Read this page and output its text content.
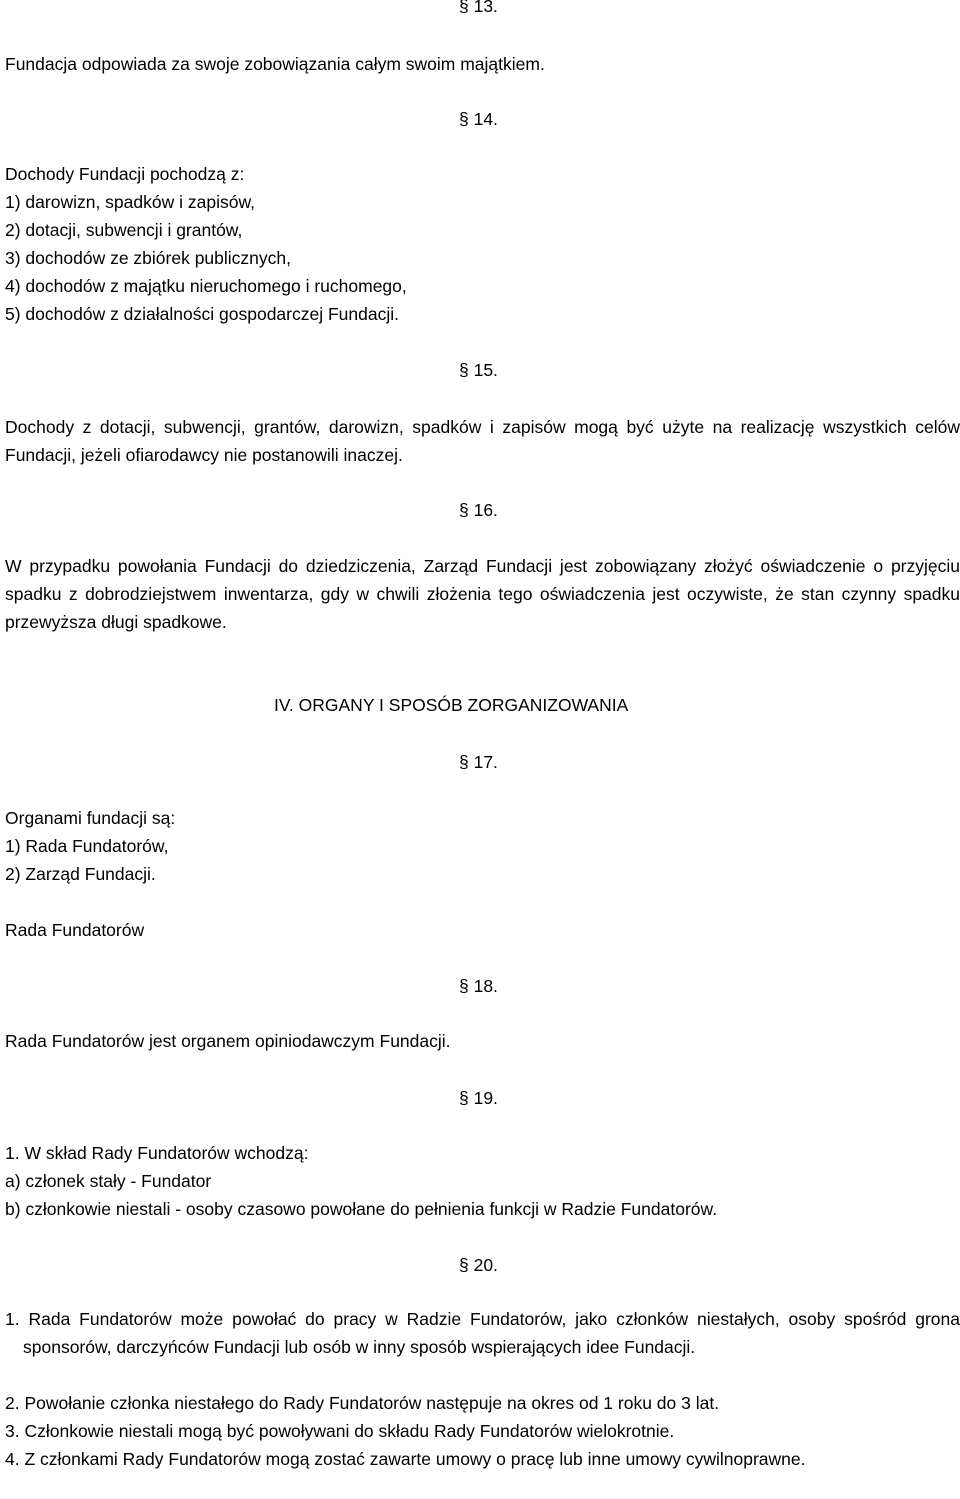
§ 13.
Fundacja odpowiada za swoje zobowiązania całym swoim majątkiem.
§ 14.
Dochody Fundacji pochodzą z:
1) darowizn, spadków i zapisów,
2) dotacji, subwencji i grantów,
3) dochodów ze zbiórek publicznych,
4) dochodów z majątku nieruchomego i ruchomego,
5) dochodów z działalności gospodarczej Fundacji.
§ 15.
Dochody z dotacji, subwencji, grantów, darowizn, spadków i zapisów mogą być użyte na realizację wszystkich celów Fundacji, jeżeli ofiarodawcy nie postanowili inaczej.
§ 16.
W przypadku powołania Fundacji do dziedziczenia, Zarząd Fundacji jest zobowiązany złożyć oświadczenie o przyjęciu spadku z dobrodziejstwem inwentarza, gdy w chwili złożenia tego oświadczenia jest oczywiste, że stan czynny spadku przewyższa długi spadkowe.
IV. ORGANY I SPOSÓB ZORGANIZOWANIA
§ 17.
Organami fundacji są:
1) Rada Fundatorów,
2) Zarząd Fundacji.
Rada Fundatorów
§ 18.
Rada Fundatorów jest organem opiniodawczym Fundacji.
§ 19.
1. W skład Rady Fundatorów wchodzą:
a) członek stały - Fundator
b) członkowie niestali - osoby czasowo powołane do pełnienia funkcji w Radzie Fundatorów.
§ 20.
1. Rada Fundatorów może powołać do pracy w Radzie Fundatorów, jako członków niestałych, osoby spośród grona sponsorów, darczyńców Fundacji lub osób w inny sposób wspierających idee Fundacji.
2. Powołanie członka niestałego do Rady Fundatorów następuje na okres od 1 roku do 3 lat.
3. Członkowie niestali mogą być powoływani do składu Rady Fundatorów wielokrotnie.
4. Z członkami Rady Fundatorów mogą zostać zawarte umowy o pracę lub inne umowy cywilnoprawne.
